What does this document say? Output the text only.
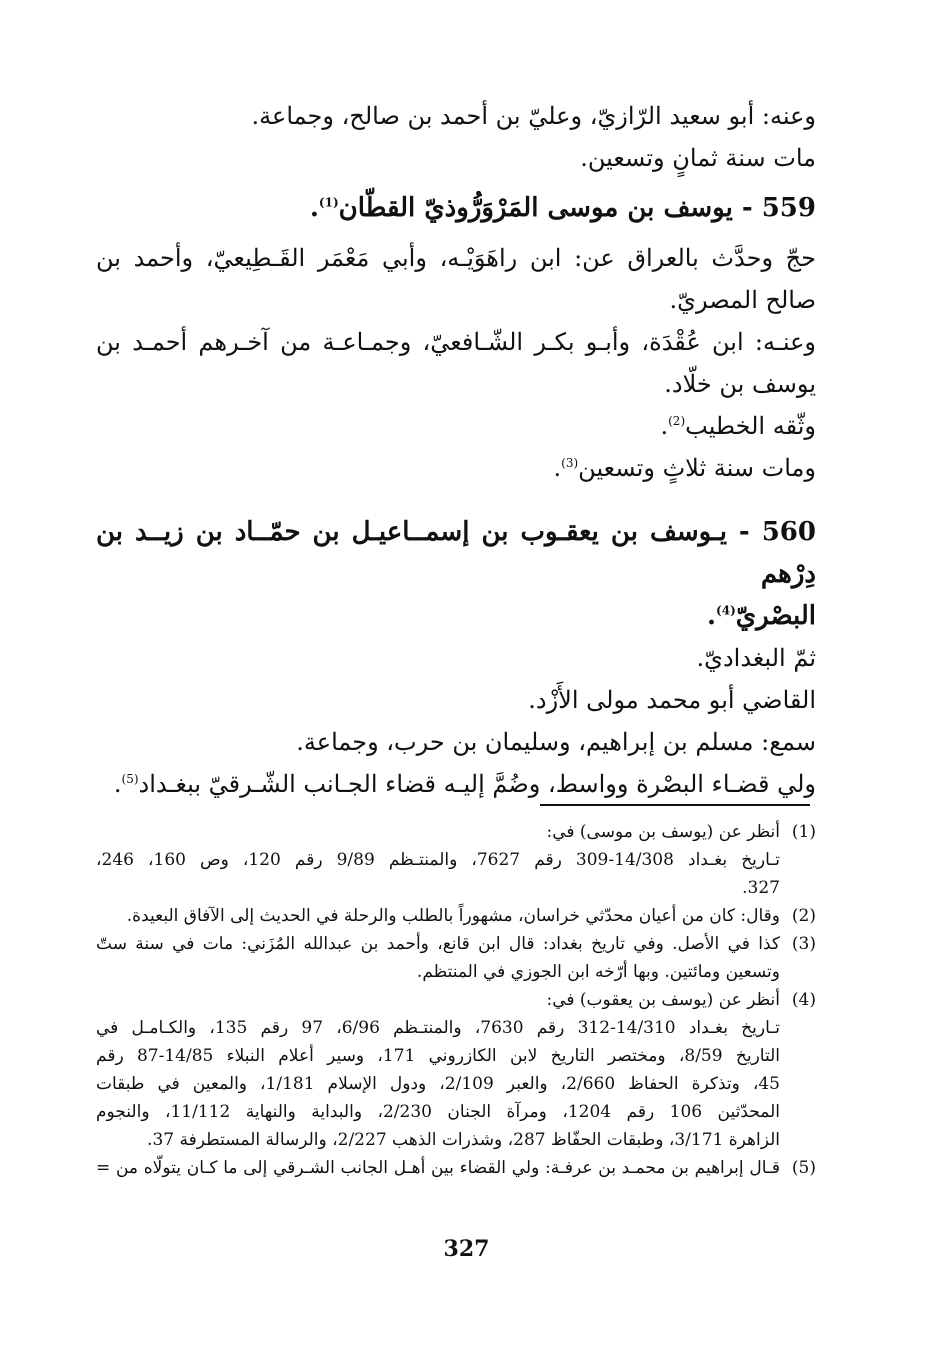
وعنه: أبو سعيد الرّازيّ، وعليّ بن أحمد بن صالح، وجماعة.
مات سنة ثمانٍ وتسعين.
559 - يوسف بن موسى المَرْوَرُّوذيّ القطّان$^{(1)}$.
حجّ وحدَّث بالعراق عن: ابن راهَوَيْـه، وأبي مَعْمَر القَـطِيعيّ، وأحمد بن
صالح المصريّ.
وعنـه: ابن عُقْدَة، وأبـو بكـر الشّـافعيّ، وجمـاعـة من آخـرهم أحمـد بن
يوسف بن خلّاد.
وثّقه الخطيب$^{(2)}$.
ومات سنة ثلاثٍ وتسعين$^{(3)}$.
560 - يـوسف بن يعقـوب بن إسمــاعيـل بن حمّــاد بن زيــد بن دِرْهم
البصْريّ$^{(4)}$.
ثمّ البغداديّ.
القاضي أبو محمد مولى الأَزْد.
سمع: مسلم بن إبراهيم، وسليمان بن حرب، وجماعة.
ولي قضـاء البصْرة وواسط، وضُمَّ إليـه قضاء الجـانب الشّـرقيّ ببغـداد$^{(5)}$.
(1)
أنظر عن (يوسف بن موسى) في:
تـاريخ بغـداد 14/308-309 رقم 7627، والمنتـظم 9/89 رقم 120، وص 160، 246،
327.
(2)
وقال: كان من أعيان محدّثي خراسان، مشهوراً بالطلب والرحلة في الحديث إلى الآفاق البعيدة.
(3)
كذا في الأصل. وفي تاريخ بغداد: قال ابن قانع، وأحمد بن عبدالله المُزَني: مات في سنة ستّ
وتسعين ومائتين. وبها أرّخه ابن الجوزي في المنتظم.
(4)
أنظر عن (يوسف بن يعقوب) في:
تـاريخ بغـداد 14/310-312 رقم 7630، والمنتـظم 6/96، 97 رقم 135، والكـامـل في
التاريخ 8/59، ومختصر التاريخ لابن الكازروني 171، وسير أعلام النبلاء 14/85-87 رقم
45، وتذكرة الحفاظ 2/660، والعبر 2/109، ودول الإسلام 1/181، والمعين في طبقات
المحدّثين 106 رقم 1204، ومرآة الجنان 2/230، والبداية والنهاية 11/112، والنجوم
الزاهرة 3/171، وطبقات الحفّاظ 287، وشذرات الذهب 2/227، والرسالة المستطرفة 37.
(5)
قـال إبراهيم بن محمـد بن عرفـة: ولي القضاء بين أهـل الجانب الشـرقي إلى ما كـان يتولّاه من =
327
